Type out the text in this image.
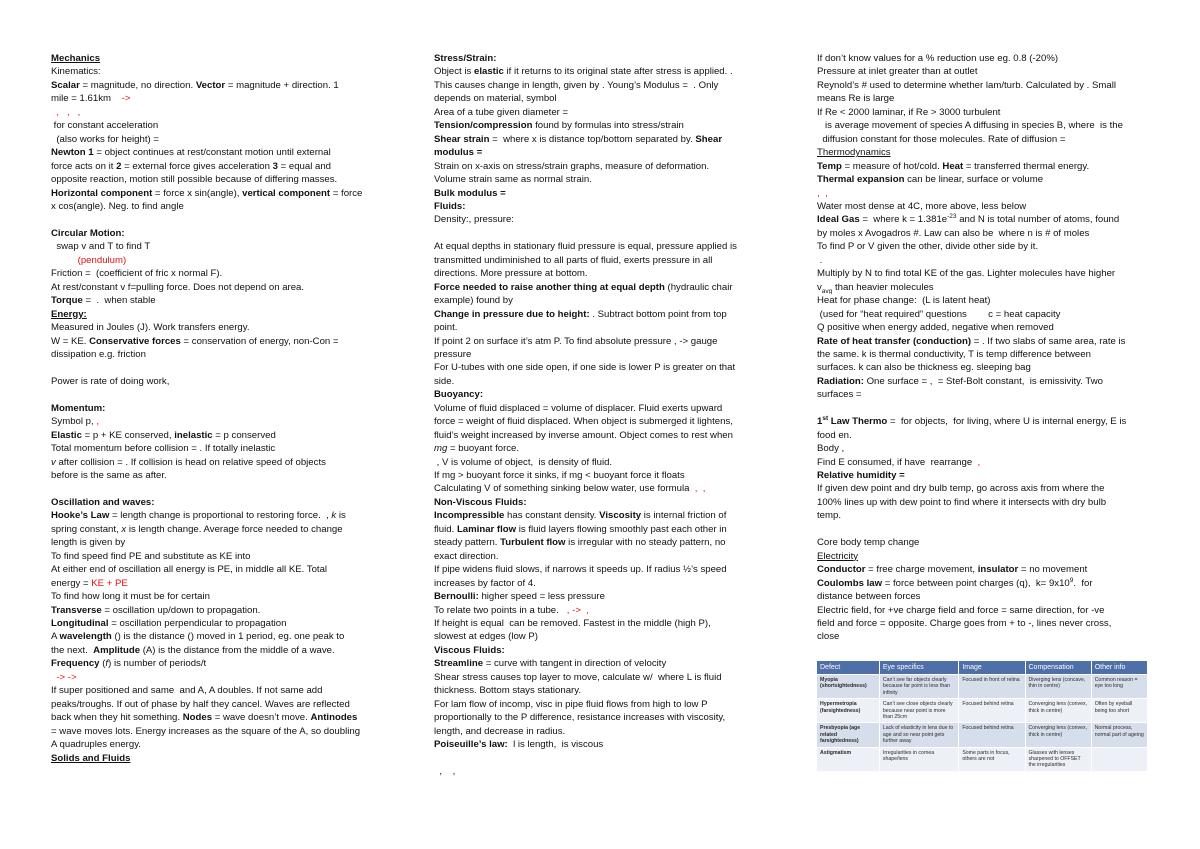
Mechanics
Kinematics:
Scalar = magnitude, no direction. Vector = magnitude + direction. 1
mile = 1.61km    ->
,   ,   ,
for constant acceleration
(also works for height) =
Newton 1 = object continues at rest/constant motion until external
force acts on it 2 = external force gives acceleration 3 = equal and
opposite reaction, motion still possible because of differing masses.
Horizontal component = force x sin(angle), vertical component = force
x cos(angle). Neg. to find angle
Circular Motion:
swap v and T to find T
(pendulum)
Friction =  (coefficient of fric x normal F).
At rest/constant v f=pulling force. Does not depend on area.
Torque =  .  when stable
Energy:
Measured in Joules (J). Work transfers energy.
W = KE. Conservative forces = conservation of energy, non-Con =
dissipation e.g. friction
Power is rate of doing work,
Momentum:
Symbol p, ,
Elastic = p + KE conserved, inelastic = p conserved
Total momentum before collision = . If totally inelastic
v after collision = . If collision is head on relative speed of objects
before is the same as after.
Oscillation and waves:
Hooke’s Law = length change is proportional to restoring force.  , k is
spring constant, x is length change. Average force needed to change
length is given by
To find speed find PE and substitute as KE into
At either end of oscillation all energy is PE, in middle all KE. Total
energy = KE + PE
To find how long it must be for certain
Transverse = oscillation up/down to propagation.
Longitudinal = oscillation perpendicular to propagation
A wavelength () is the distance () moved in 1 period, eg. one peak to
the next.  Amplitude (A) is the distance from the middle of a wave.
Frequency (f) is number of periods/t
-> ->
If super positioned and same  and A, A doubles. If not same add
peaks/troughs. If out of phase by half they cancel. Waves are reflected
back when they hit something. Nodes = wave doesn’t move. Antinodes
= wave moves lots. Energy increases as the square of the A, so doubling
A quadruples energy.
Solids and Fluids
Stress/Strain:
Object is elastic if it returns to its original state after stress is applied. .
This causes change in length, given by . Young’s Modulus =  . Only
depends on material, symbol
Area of a tube given diameter =
Tension/compression found by formulas into stress/strain
Shear strain =  where x is distance top/bottom separated by. Shear
modulus =
Strain on x-axis on stress/strain graphs, measure of deformation.
Volume strain same as normal strain.
Bulk modulus =
Fluids:
Density:, pressure:
At equal depths in stationary fluid pressure is equal, pressure applied is
transmitted undiminished to all parts of fluid, exerts pressure in all
directions. More pressure at bottom.
Force needed to raise another thing at equal depth (hydraulic chair
example) found by
Change in pressure due to height: . Subtract bottom point from top
point.
If point 2 on surface it’s atm P. To find absolute pressure , -> gauge
pressure
For U-tubes with one side open, if one side is lower P is greater on that
side.
Buoyancy:
Volume of fluid displaced = volume of displacer. Fluid exerts upward
force = weight of fluid displaced. When object is submerged it lightens,
fluid’s weight increased by inverse amount. Object comes to rest when
mg = buoyant force.
, V is volume of object,  is density of fluid.
If mg > buoyant force it sinks, if mg < buoyant force it floats
Calculating V of something sinking below water, use formula  ,  ,
Non-Viscous Fluids:
Incompressible has constant density. Viscosity is internal friction of
fluid. Laminar flow is fluid layers flowing smoothly past each other in
steady pattern. Turbulent flow is irregular with no steady pattern, no
exact direction.
If pipe widens fluid slows, if narrows it speeds up. If radius ½’s speed
increases by factor of 4.
Bernoulli: higher speed = less pressure
To relate two points in a tube.   , ->  ,
If height is equal  can be removed. Fastest in the middle (high P),
slowest at edges (low P)
Viscous Fluids:
Streamline = curve with tangent in direction of velocity
Shear stress causes top layer to move, calculate w/  where L is fluid
thickness. Bottom stays stationary.
For lam flow of incomp, visc in pipe fluid flows from high to low P
proportionally to the P difference, resistance increases with viscosity,
length, and decrease in radius.
Poiseuille’s law:  l is length,  is viscous
,    ,
If don’t know values for a % reduction use eg. 0.8 (-20%)
Pressure at inlet greater than at outlet
Reynold’s # used to determine whether lam/turb. Calculated by . Small
means Re is large
If Re < 2000 laminar, if Re > 3000 turbulent
is average movement of species A diffusing in species B, where  is the
diffusion constant for those molecules. Rate of diffusion =
Thermodynamics
Temp = measure of hot/cold. Heat = transferred thermal energy.
Thermal expansion can be linear, surface or volume
,  ,
Water most dense at 4C, more above, less below
Ideal Gas =  where $k = 1.381e^{-23}$ and N is total number of atoms, found
by moles x Avogadros #. Law can also be  where n is # of moles
To find P or V given the other, divide other side by it.
.
Multiply by N to find total KE of the gas. Lighter molecules have higher
$v_{avg}$ than heavier molecules
Heat for phase change:  (L is latent heat)
(used for “heat required” questions        c = heat capacity
Q positive when energy added, negative when removed
Rate of heat transfer (conduction) = . If two slabs of same area, rate is
the same. k is thermal conductivity, T is temp difference between
surfaces. k can also be thickness eg. sleeping bag
Radiation: One surface = ,  = Stef-Bolt constant,  is emissivity. Two
surfaces =
1st Law Thermo =  for objects,  for living, where U is internal energy, E is
food en.
Body ,
Find E consumed, if have  rearrange  ,
Relative humidity =
If given dew point and dry bulb temp, go across axis from where the
100% lines up with dew point to find where it intersects with dry bulb
temp.
Core body temp change
Electricity
Conductor = free charge movement, insulator = no movement
Coulombs law = force between point charges (q),  $k= 9x10^9$.  for
distance between forces
Electric field, for +ve charge field and force = same direction, for -ve
field and force = opposite. Charge goes from + to -, lines never cross,
close
Defect	Eye specifics	Image	Compensation	Other info
Myopia (shortsightedness)	Can’t see far objects clearly because far point is less than infinity	Focused in front of retina	Diverging lens (concave, thin in centre)	Common reason = eye too long
Hypermetropia (farsightedness)	Can’t see close objects clearly because near point is more than 25cm	Focused behind retina	Converging lens (convex, thick in centre)	Often by eyeball being too short
Presbyopia (age related farsightedness)	Lack of elasticity in lens due to age and so near point gets further away	Focused behind retina	Converging lens (convex, thick in centre)	Normal process, normal part of ageing
Astigmatism	Irregularities in cornea shape/lens	Some parts in focus, others are not	Glasses with lenses sharpened to OFFSET the irregularities	
